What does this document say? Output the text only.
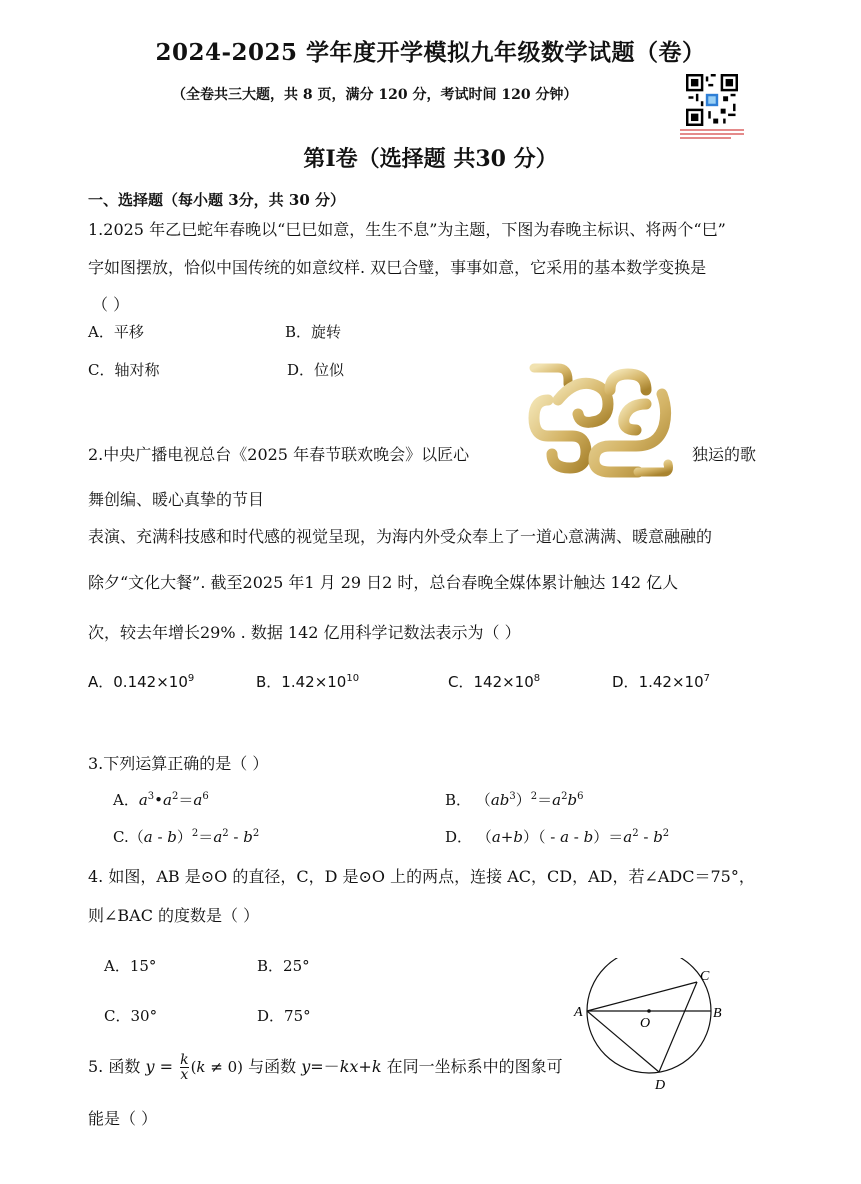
2024-2025 学年度开学模拟九年级数学试题（卷）
（全卷共三大题，共 8 页，满分 120 分，考试时间 120 分钟）
第Ⅰ卷（选择题 共30 分）
一、选择题（每小题 3分，共 30 分）
1.2025 年乙巳蛇年春晚以“巳巳如意，生生不息”为主题，下图为春晚主标识、将两个“巳”
字如图摆放，恰似中国传统的如意纹样. 双巳合璧，事事如意，它采用的基本数学变换是
（ ）
A．平移	B．旋转
C．轴对称	D．位似
2.中央广播电视总台《2025 年春节联欢晚会》以匠心	独运的歌
舞创编、暖心真挚的节目
表演、充满科技感和时代感的视觉呈现，为海内外受众奉上了一道心意满满、暖意融融的
除夕“文化大餐”. 截至2025 年1 月 29 日2 时，总台春晚全媒体累计触达 142 亿人
次，较去年增长29% . 数据 142 亿用科学记数法表示为（ ）
A．$0.142\times 10^9$	B．$1.42\times 10^{10}$	C．$142\times 10^8$	D．$1.42\times 10^7$
3.下列运算正确的是（ ）
A．$a^3•a^2=a^6$	B． $(ab^3)^2=a^2b^6$
$C.(a - b)^2=a^2 - b^2$	D． $(a+b)( - a - b)=a^2 - b^2$
4. 如图，AB 是⊙O 的直径，C，D 是⊙O 上的两点，连接 AC，CD，AD，若∠ADC＝75°，
则∠BAC 的度数是（ ）
A．15°	B．25°
C．30°	D．75°	A	B
C
D
O
5. 函数 $y = \frac{k}{x} (k \ne 0)$ 与函数 y=－kx+k 在同一坐标系中的图象可
能是（ ）
